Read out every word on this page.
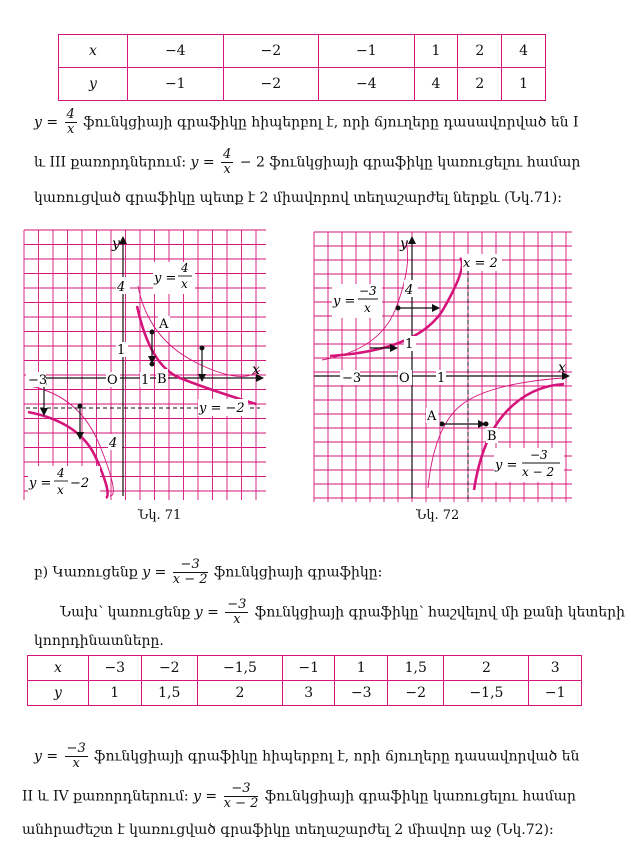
x	−4	−2	−1	1	2	4
y	−1	−2	−4	4	2	1
$y = \frac{4}{x}$ ֆունկցիայի գրաֆիկը հիպերբոլ է, որի ճյուղերը դասավորված են I
և III քառորդներում: $y = \frac{4}{x} - 2$ ֆունկցիայի գրաֆիկը կառուցելու համար
կառուցված գրաֆիկը պետք է 2 միավորով տեղաշարժել ներքև (Նկ.71):
4
1
−3	1
O
4
x
y
A
B
y =
4
x
y = −2
y =
4
x −2
Նկ. 71
4
1
−3	O 1
x
y
A
B
x = 2
y =
−3
x
y =
−3
x − 2
Նկ. 72
բ) Կառուցենք $y = \frac{-3}{x - 2}$ ֆունկցիայի գրաֆիկը:
Նախ՝ կառուցենք $y = \frac{-3}{x}$ ֆունկցիայի գրաֆիկը՝ հաշվելով մի քանի կետերի
կոորդինատները.
x	−3	−2	−1,5	−1	1	1,5	2	3
y	1	1,5	2	3	−3	−2	−1,5	−1
$y = \frac{-3}{x}$ ֆունկցիայի գրաֆիկը հիպերբոլ է, որի ճյուղերը դասավորված են
II և IV քառորդներում: $y = \frac{-3}{x - 2}$ ֆունկցիայի գրաֆիկը կառուցելու համար
անհրաժեշտ է կառուցված գրաֆիկը տեղաշարժել 2 միավոր աջ (Նկ.72):
